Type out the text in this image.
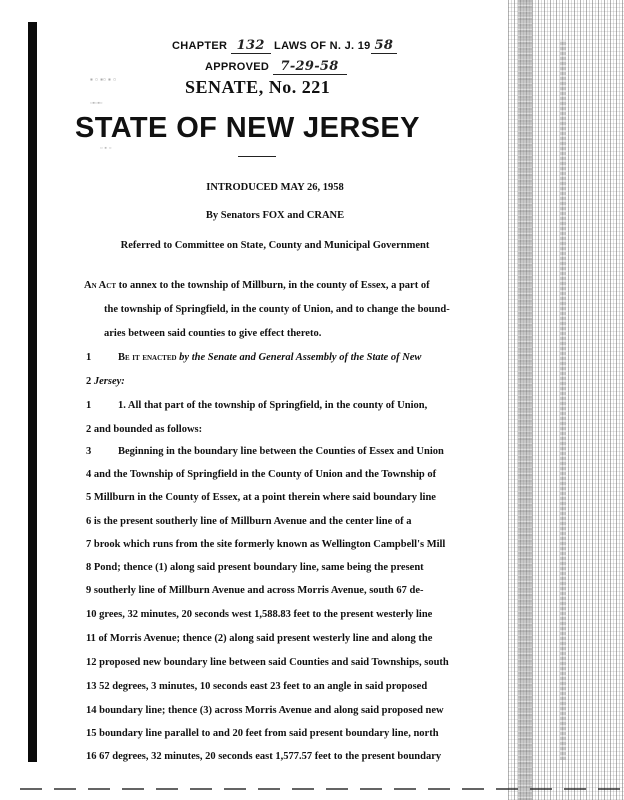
CHAPTER 132 LAWS OF N. J. 19 58
APPROVED 7-29-58
▪ ▫ ▪▫ ▪ ▫
▫▪▫▪▫
▫ ▪ ▫
SENATE, No. 221
STATE OF NEW JERSEY
INTRODUCED MAY 26, 1958
By Senators FOX and CRANE
Referred to Committee on State, County and Municipal Government
An Act to annex to the township of Millburn, in the county of Essex, a part of
the township of Springfield, in the county of Union, and to change the bound-
aries between said counties to give effect thereto.
1	Be it enacted by the Senate and General Assembly of the State of New
2 Jersey:
1	1. All that part of the township of Springfield, in the county of Union,
2 and bounded as follows:
3	Beginning in the boundary line between the Counties of Essex and Union
4 and the Township of Springfield in the County of Union and the Township of
5 Millburn in the County of Essex, at a point therein where said boundary line
6 is the present southerly line of Millburn Avenue and the center line of a
7 brook which runs from the site formerly known as Wellington Campbell's Mill
8 Pond; thence (1) along said present boundary line, same being the present
9 southerly line of Millburn Avenue and across Morris Avenue, south 67 de-
10 grees, 32 minutes, 20 seconds west 1,588.83 feet to the present westerly line
11 of Morris Avenue; thence (2) along said present westerly line and along the
12 proposed new boundary line between said Counties and said Townships, south
13 52 degrees, 3 minutes, 10 seconds east 23 feet to an angle in said proposed
14 boundary line; thence (3) across Morris Avenue and along said proposed new
15 boundary line parallel to and 20 feet from said present boundary line, north
16 67 degrees, 32 minutes, 20 seconds east 1,577.57 feet to the present boundary
